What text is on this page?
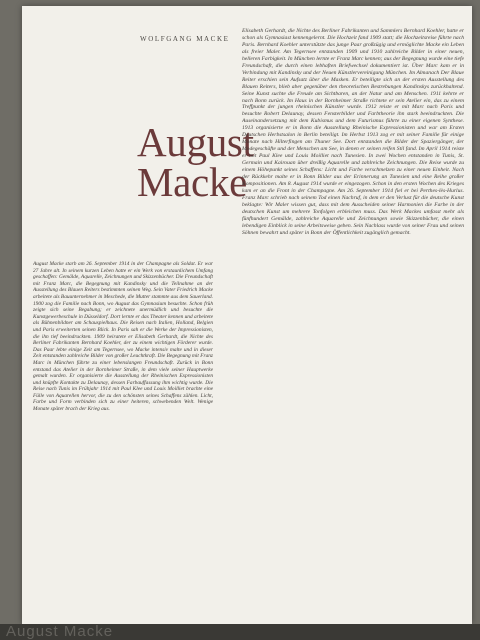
WOLFGANG MACKE
August
Macke

August Macke starb am 26. September 1914 in der Champagne als Soldat. Er war 27 Jahre alt. In seinem kurzen Leben hatte er ein Werk von erstaunlichem Umfang geschaffen: Gemälde, Aquarelle, Zeichnungen und Skizzenbücher. Die Freundschaft mit Franz Marc, die Begegnung mit Kandinsky und die Teilnahme an der Ausstellung des Blauen Reiters bestimmten seinen Weg. Sein Vater Friedrich Macke arbeitete als Bauunternehmer in Meschede, die Mutter stammte aus dem Sauerland. 1900 zog die Familie nach Bonn, wo August das Gymnasium besuchte. Schon früh zeigte sich seine Begabung; er zeichnete unermüdlich und besuchte die Kunstgewerbeschule in Düsseldorf. Dort lernte er das Theater kennen und arbeitete als Bühnenbildner am Schauspielhaus. Die Reisen nach Italien, Holland, Belgien und Paris erweiterten seinen Blick. In Paris sah er die Werke der Impressionisten, die ihn tief beeindruckten. 1909 heiratete er Elisabeth Gerhardt, die Nichte des Berliner Fabrikanten Bernhard Koehler, der zu einem wichtigen Förderer wurde. Das Paar lebte einige Zeit am Tegernsee, wo Macke intensiv malte und in dieser Zeit entstanden zahlreiche Bilder von großer Leuchtkraft. Die Begegnung mit Franz Marc in München führte zu einer lebenslangen Freundschaft. Zurück in Bonn entstand das Atelier in der Bornheimer Straße, in dem viele seiner Hauptwerke gemalt wurden. Er organisierte die Ausstellung der Rheinischen Expressionisten und knüpfte Kontakte zu Delaunay, dessen Farbauffassung ihm wichtig wurde. Die Reise nach Tunis im Frühjahr 1914 mit Paul Klee und Louis Moilliet brachte eine Fülle von Aquarellen hervor, die zu den schönsten seines Schaffens zählen. Licht, Farbe und Form verbinden sich zu einer heiteren, schwebenden Welt. Wenige Monate später brach der Krieg aus.

Elisabeth Gerhardt, die Nichte des Berliner Fabrikanten und Sammlers Bernhard Koehler, hatte er schon als Gymnasiast kennengelernt. Die Hochzeit fand 1909 statt; die Hochzeitsreise führte nach Paris. Bernhard Koehler unterstützte das junge Paar großzügig und ermöglichte Macke ein Leben als freier Maler. Am Tegernsee entstanden 1909 und 1910 zahlreiche Bilder in einer neuen, helleren Farbigkeit. In München lernte er Franz Marc kennen; aus der Begegnung wurde eine tiefe Freundschaft, die durch einen lebhaften Briefwechsel dokumentiert ist. Über Marc kam er in Verbindung mit Kandinsky und der Neuen Künstlervereinigung München. Im Almanach Der Blaue Reiter erschien sein Aufsatz über die Masken. Er beteiligte sich an der ersten Ausstellung des Blauen Reiters, blieb aber gegenüber den theoretischen Bestrebungen Kandinskys zurückhaltend. Seine Kunst suchte die Freude am Sichtbaren, an der Natur und am Menschen. 1911 kehrte er nach Bonn zurück. Im Haus in der Bornheimer Straße richtete er sein Atelier ein, das zu einem Treffpunkt der jungen rheinischen Künstler wurde. 1912 reiste er mit Marc nach Paris und besuchte Robert Delaunay, dessen Fensterbilder und Farbtheorie ihn stark beeindruckten. Die Auseinandersetzung mit dem Kubismus und dem Futurismus führte zu einer eigenen Synthese. 1913 organisierte er in Bonn die Ausstellung Rheinische Expressionisten und war am Ersten Deutschen Herbstsalon in Berlin beteiligt. Im Herbst 1913 zog er mit seiner Familie für einige Monate nach Hilterfingen am Thuner See. Dort entstanden die Bilder der Spaziergänger, der Modegeschäfte und der Menschen am See, in denen er seinen reifen Stil fand. Im April 1914 reiste er mit Paul Klee und Louis Moilliet nach Tunesien. In zwei Wochen entstanden in Tunis, St. Germain und Kairouan über dreißig Aquarelle und zahlreiche Zeichnungen. Die Reise wurde zu einem Höhepunkt seines Schaffens: Licht und Farbe verschmelzen zu einer neuen Einheit. Nach der Rückkehr malte er in Bonn Bilder aus der Erinnerung an Tunesien und eine Reihe großer Kompositionen. Am 8. August 1914 wurde er eingezogen. Schon in den ersten Wochen des Krieges kam er an die Front in der Champagne. Am 26. September 1914 fiel er bei Perthes-lès-Hurlus. Franz Marc schrieb nach seinem Tod einen Nachruf, in dem er den Verlust für die deutsche Kunst beklagte: Wir Maler wissen gut, dass mit dem Ausscheiden seiner Harmonien die Farbe in der deutschen Kunst um mehrere Tonfolgen erbleichen muss. Das Werk Mackes umfasst mehr als fünfhundert Gemälde, zahlreiche Aquarelle und Zeichnungen sowie Skizzenbücher, die einen lebendigen Einblick in seine Arbeitsweise geben. Sein Nachlass wurde von seiner Frau und seinen Söhnen bewahrt und später in Bonn der Öffentlichkeit zugänglich gemacht.

August Macke
